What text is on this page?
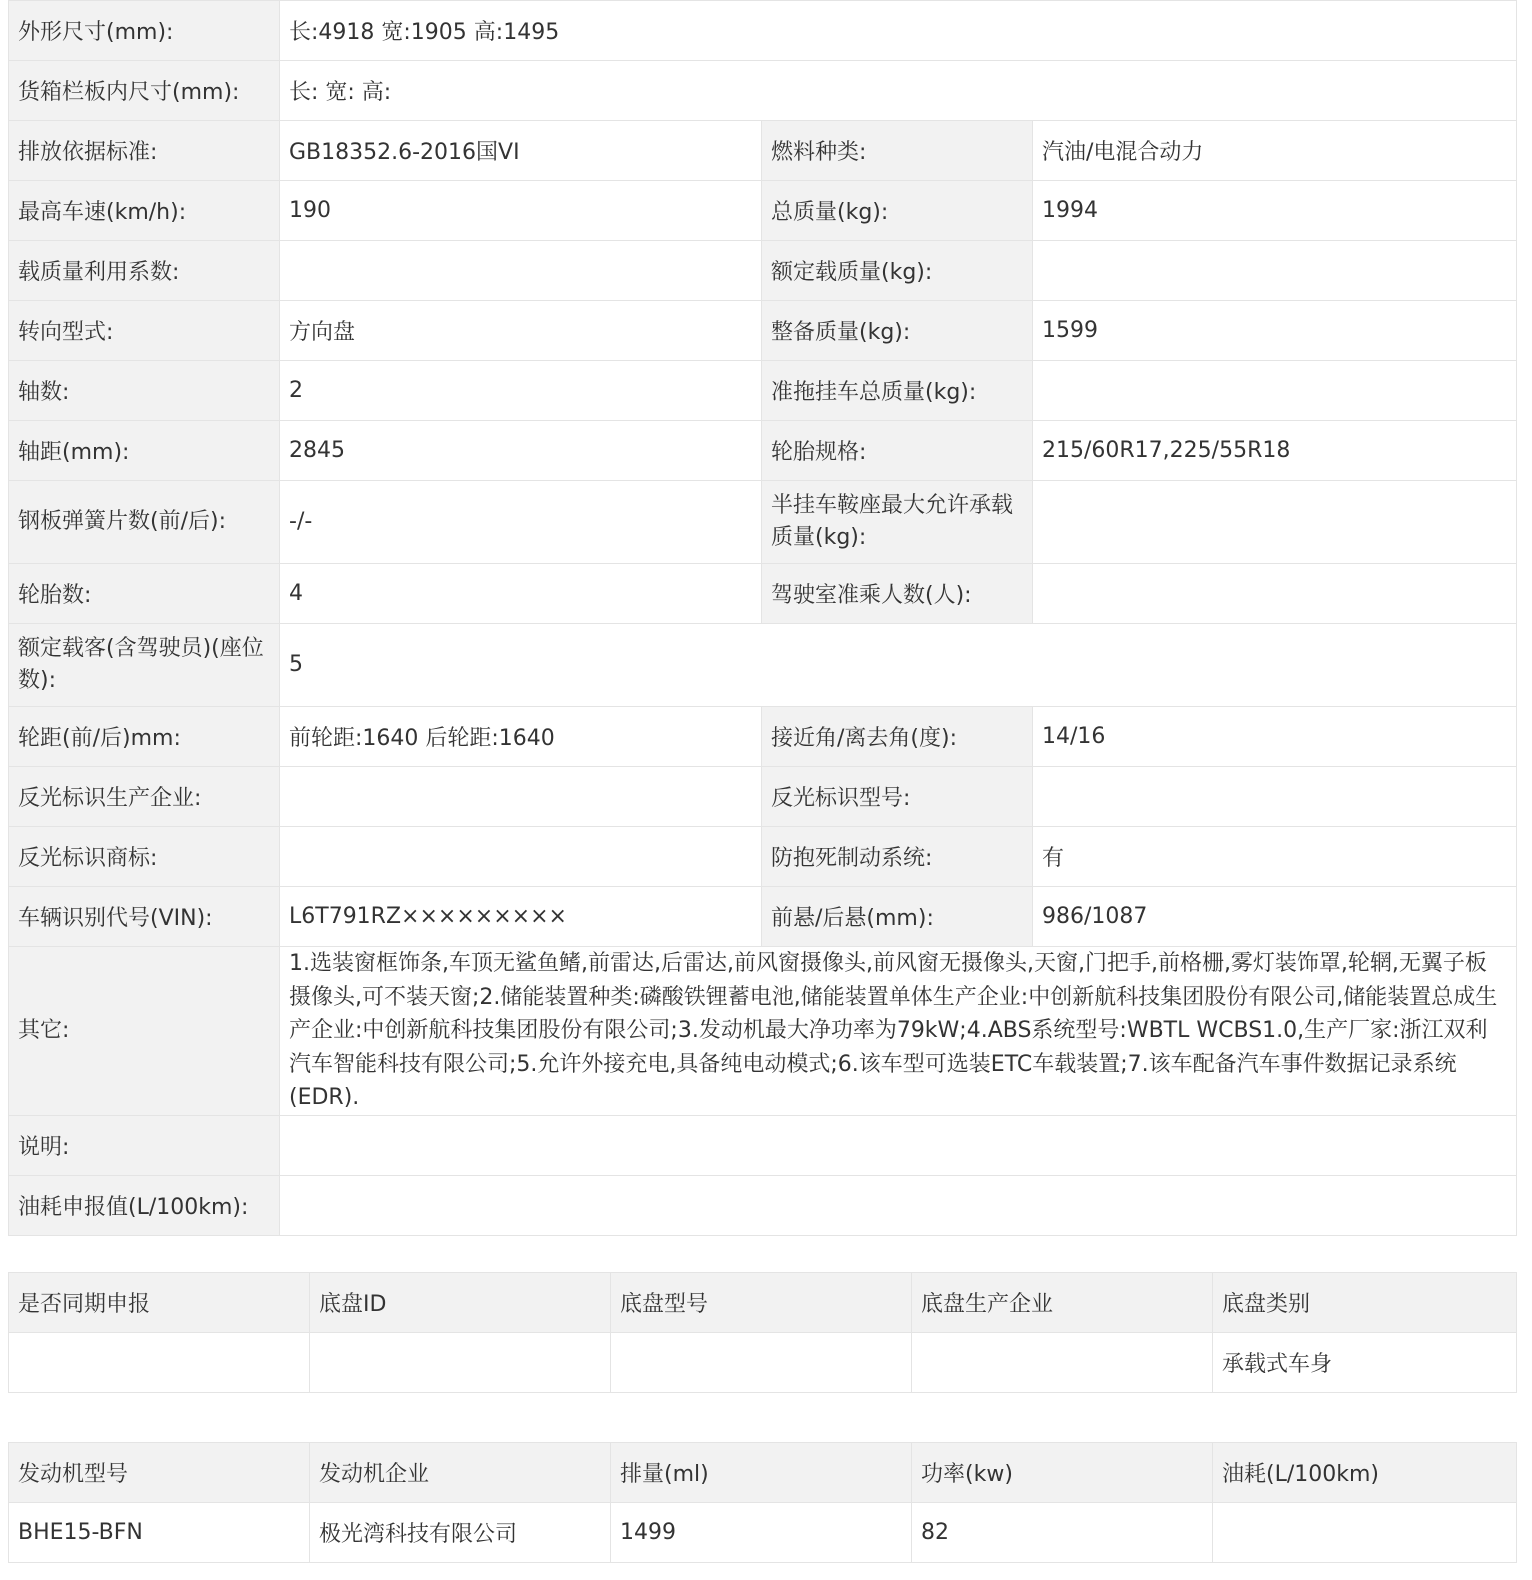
外形尺寸(mm):	长:4918 宽:1905 高:1495		
货箱栏板内尺寸(mm):	长: 宽: 高:		
排放依据标准:	GB18352.6-2016国VI	燃料种类:	汽油/电混合动力
最高车速(km/h):	190	总质量(kg):	1994
载质量利用系数:		额定载质量(kg):	
转向型式:	方向盘	整备质量(kg):	1599
轴数:	2	准拖挂车总质量(kg):	
轴距(mm):	2845	轮胎规格:	215/60R17,225/55R18
钢板弹簧片数(前/后):	-/-	半挂车鞍座最大允许承载质量(kg):	
轮胎数:	4	驾驶室准乘人数(人):	
额定载客(含驾驶员)(座位数):	5		
轮距(前/后)mm:	前轮距:1640 后轮距:1640	接近角/离去角(度):	14/16
反光标识生产企业:		反光标识型号:	
反光标识商标:		防抱死制动系统:	有
车辆识别代号(VIN):	L6T791RZ×××××××××	前悬/后悬(mm):	986/1087
其它:	1.选装窗框饰条,车顶无鲨鱼鳍,前雷达,后雷达,前风窗摄像头,前风窗无摄像头,天窗,门把手,前格栅,雾灯装饰罩,轮辋,无翼子板摄像头,可不装天窗;2.储能装置种类:磷酸铁锂蓄电池,储能装置单体生产企业:中创新航科技集团股份有限公司,储能装置总成生产企业:中创新航科技集团股份有限公司;3.发动机最大净功率为79kW;4.ABS系统型号:WBTL WCBS1.0,生产厂家:浙江双利汽车智能科技有限公司;5.允许外接充电,具备纯电动模式;6.该车型可选装ETC车载装置;7.该车配备汽车事件数据记录系统(EDR).		
说明:			
油耗申报值(L/100km):			
是否同期申报	底盘ID	底盘型号	底盘生产企业	底盘类别
				承载式车身
发动机型号	发动机企业	排量(ml)	功率(kw)	油耗(L/100km)
BHE15-BFN	极光湾科技有限公司	1499	82	
